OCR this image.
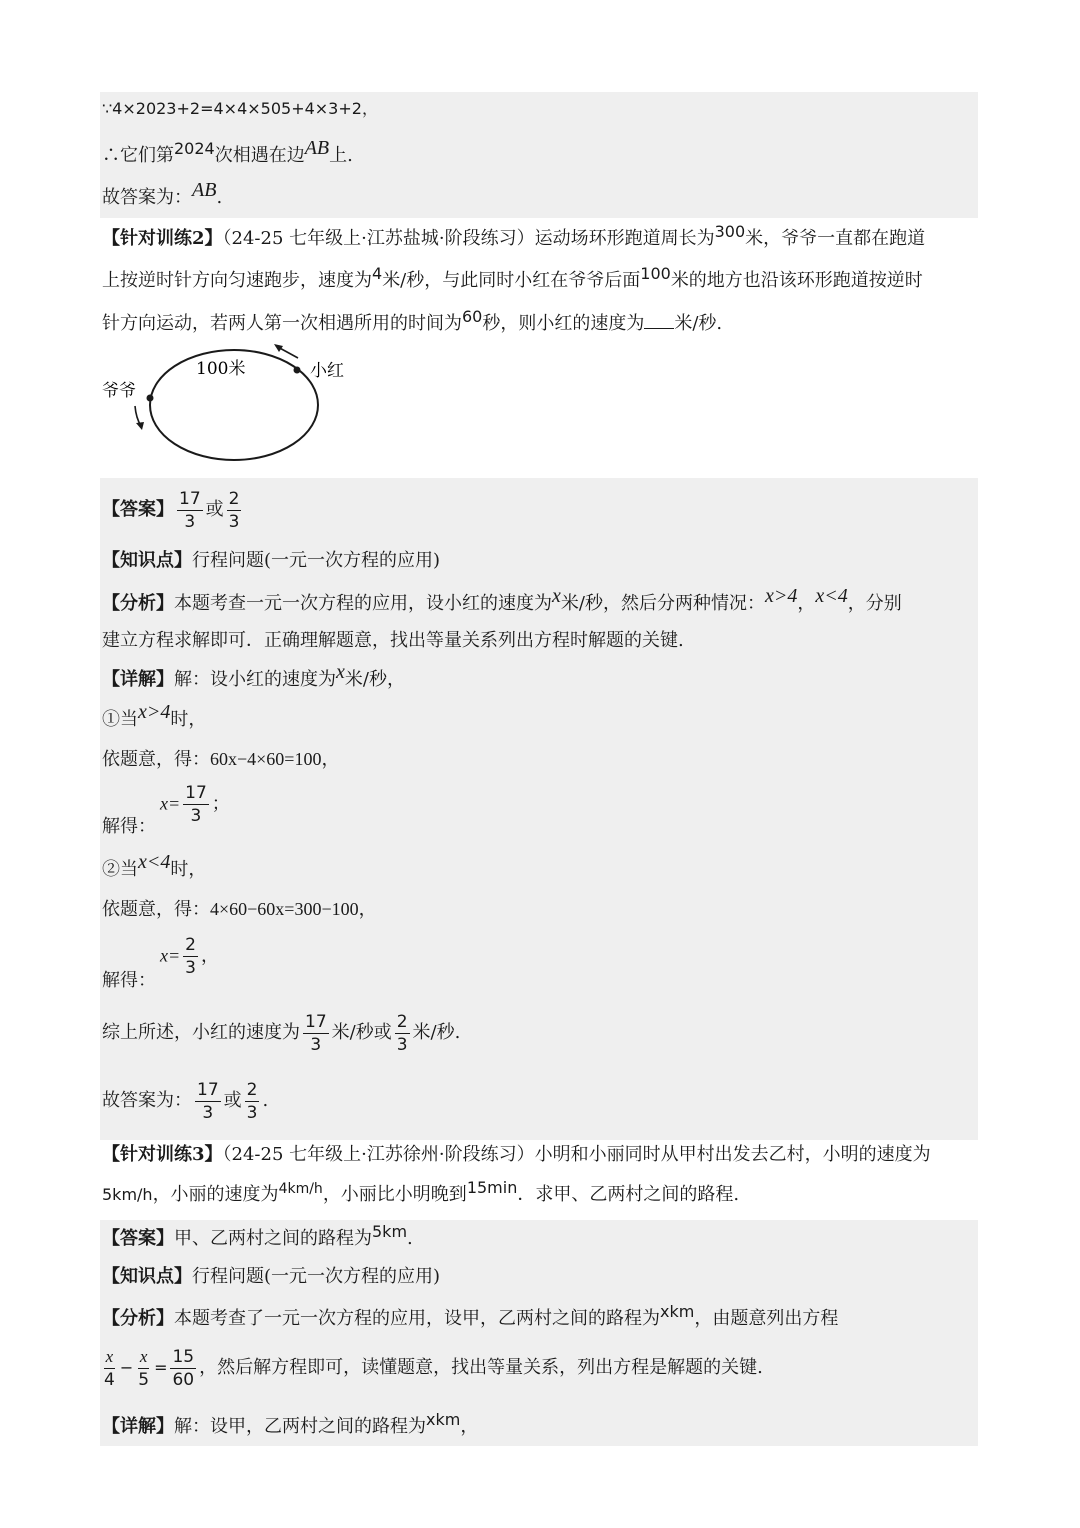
∵4×2023+2=4×4×505+4×3+2，
∴它们第2024次相遇在边AB上.
故答案为：AB.
【针对训练2】（24-25 七年级上·江苏盐城·阶段练习）运动场环形跑道周长为300米，爷爷一直都在跑道
上按逆时针方向匀速跑步，速度为4米/秒，与此同时小红在爷爷后面100米的地方也沿该环形跑道按逆时
针方向运动，若两人第一次相遇所用的时间为60秒，则小红的速度为 米/秒.
100米
爷爷
小红
【答案】 $\frac{17}{3}$ 或 $\frac{2}{3}$
【知识点】行程问题(一元一次方程的应用)
【分析】本题考查一元一次方程的应用，设小红的速度为x米/秒，然后分两种情况：x>4，x<4，分别
建立方程求解即可．正确理解题意，找出等量关系列出方程时解题的关键.
【详解】解：设小红的速度为x米/秒，
①当x>4时，
依题意，得：60x−4×60=100，
解得：
$x= \frac{17}{3}$ ；
②当x<4时，
依题意，得：4×60−60x=300−100，
解得：
$x= \frac{2}{3}$ ，
综上所述，小红的速度为 $\frac{17}{3}$ 米/秒或 $\frac{2}{3}$ 米/秒.
故答案为： $\frac{17}{3}$ 或 $\frac{2}{3}$ .
【针对训练3】（24-25 七年级上·江苏徐州·阶段练习）小明和小丽同时从甲村出发去乙村，小明的速度为
5km/h，小丽的速度为$^{4km/h}$，小丽比小明晚到15min．求甲、乙两村之间的路程.
【答案】甲、乙两村之间的路程为5km.
【知识点】行程问题(一元一次方程的应用)
【分析】本题考查了一元一次方程的应用，设甲，乙两村之间的路程为xkm，由题意列出方程
$\frac{x}{4} - \frac{x}{5} = \frac{15}{60}$ ，然后解方程即可，读懂题意，找出等量关系，列出方程是解题的关键.
【详解】解：设甲，乙两村之间的路程为xkm，
